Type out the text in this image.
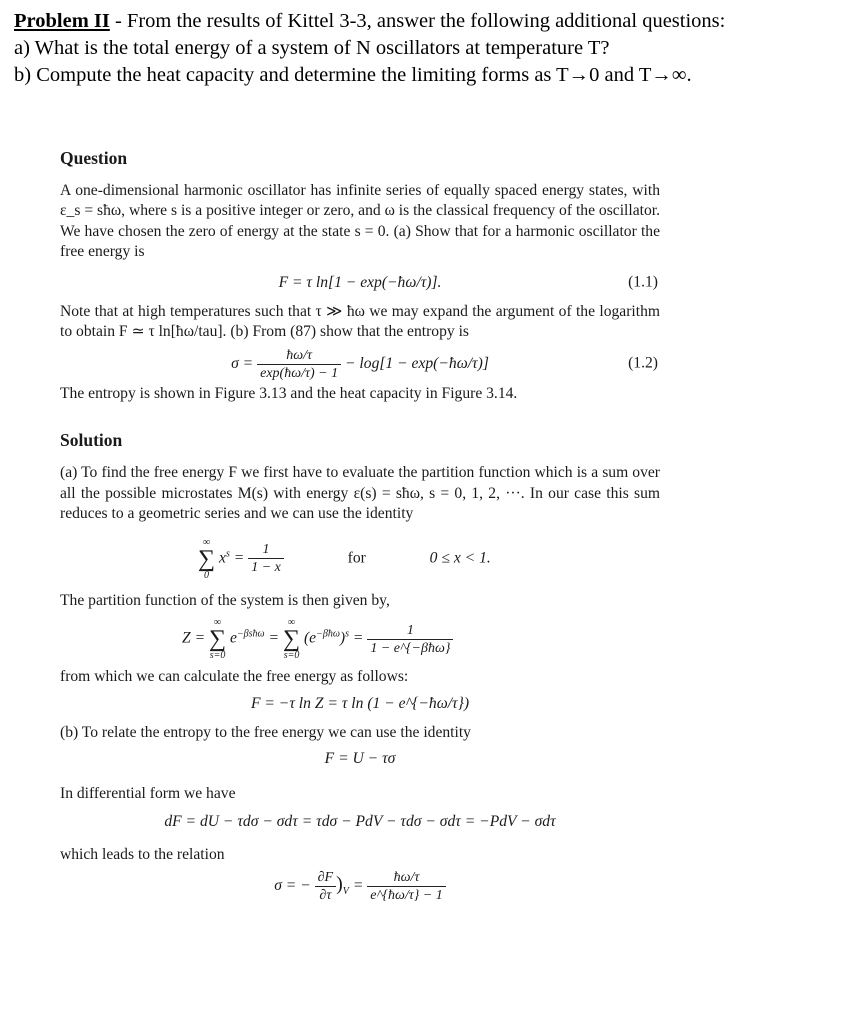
Problem II - From the results of Kittel 3-3, answer the following additional questions:
a) What is the total energy of a system of N oscillators at temperature T?
b) Compute the heat capacity and determine the limiting forms as T→0 and T→∞.
Question

A one-dimensional harmonic oscillator has infinite series of equally spaced energy states, with ε_s = sħω, where s is a positive integer or zero, and ω is the classical frequency of the oscillator. We have chosen the zero of energy at the state s = 0. (a) Show that for a harmonic oscillator the free energy is

F = τ ln[1 − exp(−ħω/τ)].	(1.1)

Note that at high temperatures such that τ ≫ ħω we may expand the argument of the logarithm to obtain F ≃ τ ln[ħω/tau]. (b) From (87) show that the entropy is

$\sigma = \frac{ħ\omega/\tau}{\exp(ħ\omega/\tau) - 1} - \log[1$ − exp(−ħω/τ)]	(1.2)

The entropy is shown in Figure 3.13 and the heat capacity in Figure 3.14.

Solution

(a) To find the free energy F we first have to evaluate the partition function which is a sum over all the possible microstates M(s) with energy ε(s) = sħω, s = 0, 1, 2, ···. In our case this sum reduces to a geometric series and we can use the identity

∞
∑
0
$x^s = \frac{1}{1 - x}$	for	0 ≤ x < 1.

The partition function of the system is then given by,

Z =
∞
∑
s=0
$e^{-\beta sħ\omega}$ =
∞
∑
s=0
$(e^{-\beta ħ\omega})^s = \frac{1}{\text{1 − e\textasciicircum{}\{−βħω\}}}$

from which we can calculate the free energy as follows:

F = −τ ln Z = τ ln (1 − e^{−ħω/τ})

(b) To relate the entropy to the free energy we can use the identity

F = U − τσ

In differential form we have

dF = dU − τdσ − σdτ = τdσ − PdV − τdσ − σdτ = −PdV − σdτ

which leads to the relation

σ = − $\frac{\partial F}{\partial\tau} )_V = \frac{ħ\omega/\tau}{e\^{}\{ħ\omega/\tau\} - 1}$
